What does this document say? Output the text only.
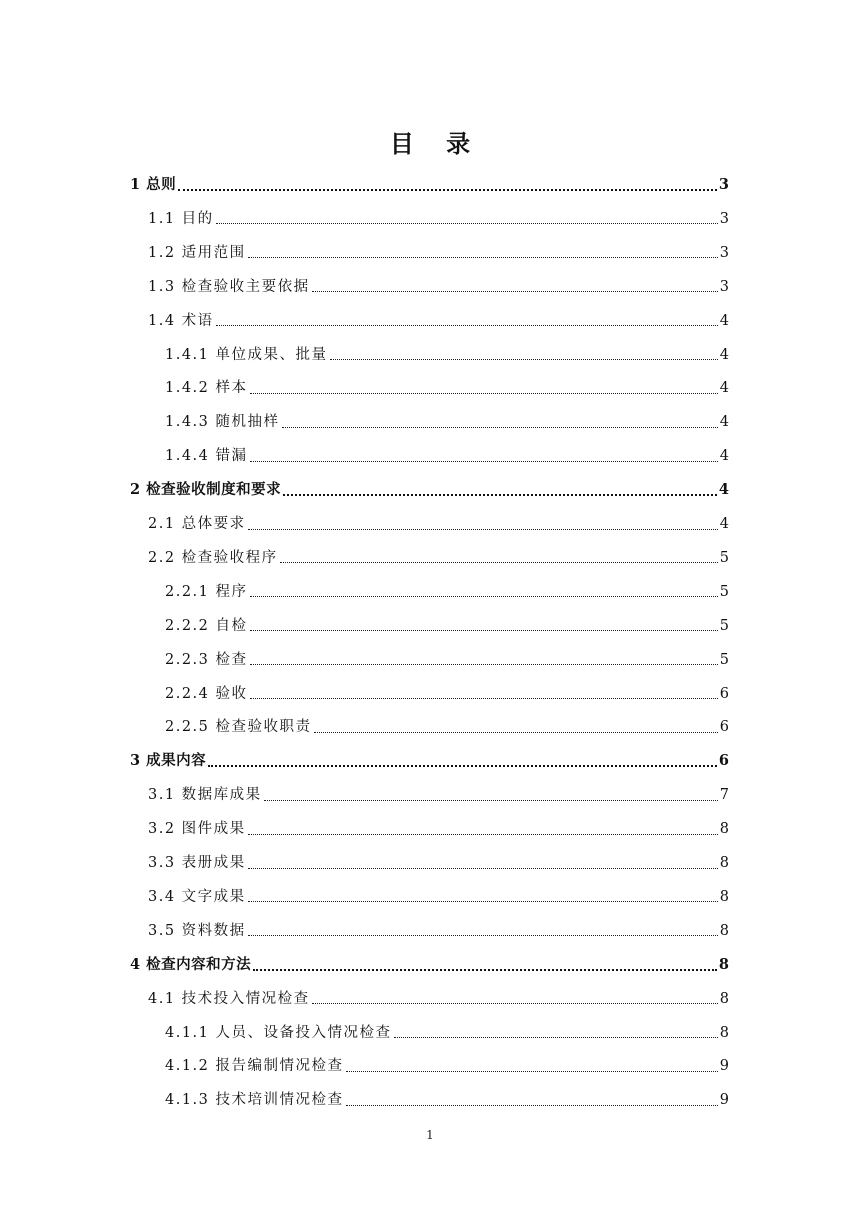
目 录
1 总则	3
1.1 目的	3
1.2 适用范围	3
1.3 检查验收主要依据	3
1.4 术语	4
1.4.1 单位成果、批量	4
1.4.2 样本	4
1.4.3 随机抽样	4
1.4.4 错漏	4
2 检查验收制度和要求	4
2.1 总体要求	4
2.2 检查验收程序	5
2.2.1 程序	5
2.2.2 自检	5
2.2.3 检查	5
2.2.4 验收	6
2.2.5 检查验收职责	6
3 成果内容	6
3.1 数据库成果	7
3.2 图件成果	8
3.3 表册成果	8
3.4 文字成果	8
3.5 资料数据	8
4 检查内容和方法	8
4.1 技术投入情况检查	8
4.1.1 人员、设备投入情况检查	8
4.1.2 报告编制情况检查	9
4.1.3 技术培训情况检查	9
1
